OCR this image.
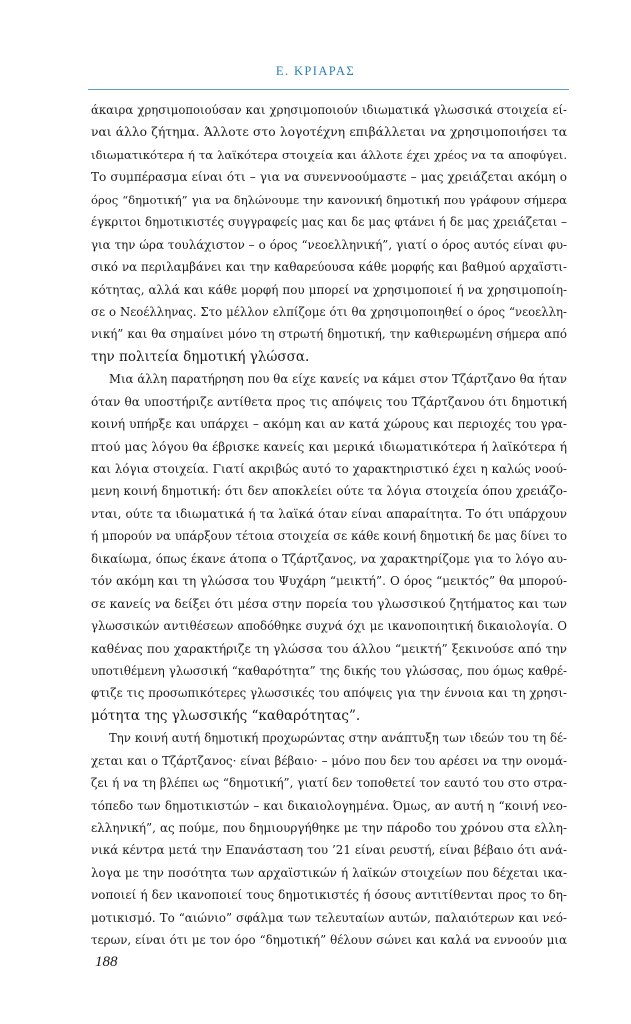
Ε. ΚΡΙΑΡΑΣ
άκαιρα χρησιμοποιούσαν και χρησιμοποιούν ιδιωματικά γλωσσικά στοιχεία εί-
ναι άλλο ζήτημα. Άλλοτε στο λογοτέχνη επιβάλλεται να χρησιμοποιήσει τα
ιδιωματικότερα ή τα λαϊκότερα στοιχεία και άλλοτε έχει χρέος να τα αποφύγει.
Το συμπέρασμα είναι ότι – για να συνεννοούμαστε – μας χρειάζεται ακόμη ο
όρος “δημοτική” για να δηλώνουμε την κανονική δημοτική που γράφουν σήμερα
έγκριτοι δημοτικιστές συγγραφείς μας και δε μας φτάνει ή δε μας χρειάζεται –
για την ώρα τουλάχιστον – ο όρος “νεοελληνική”, γιατί ο όρος αυτός είναι φυ-
σικό να περιλαμβάνει και την καθαρεύουσα κάθε μορφής και βαθμού αρχαϊστι-
κότητας, αλλά και κάθε μορφή που μπορεί να χρησιμοποιεί ή να χρησιμοποίη-
σε ο Νεοέλληνας. Στο μέλλον ελπίζομε ότι θα χρησιμοποιηθεί ο όρος “νεοελλη-
νική” και θα σημαίνει μόνο τη στρωτή δημοτική, την καθιερωμένη σήμερα από
την πολιτεία δημοτική γλώσσα.
Μια άλλη παρατήρηση που θα είχε κανείς να κάμει στον Τζάρτζανο θα ήταν
όταν θα υποστήριζε αντίθετα προς τις απόψεις του Τζάρτζανου ότι δημοτική
κοινή υπήρξε και υπάρχει – ακόμη και αν κατά χώρους και περιοχές του γρα-
πτού μας λόγου θα έβρισκε κανείς και μερικά ιδιωματικότερα ή λαϊκότερα ή
και λόγια στοιχεία. Γιατί ακριβώς αυτό το χαρακτηριστικό έχει η καλώς νοού-
μενη κοινή δημοτική: ότι δεν αποκλείει ούτε τα λόγια στοιχεία όπου χρειάζο-
νται, ούτε τα ιδιωματικά ή τα λαϊκά όταν είναι απαραίτητα. Το ότι υπάρχουν
ή μπορούν να υπάρξουν τέτοια στοιχεία σε κάθε κοινή δημοτική δε μας δίνει το
δικαίωμα, όπως έκανε άτοπα ο Τζάρτζανος, να χαρακτηρίζομε για το λόγο αυ-
τόν ακόμη και τη γλώσσα του Ψυχάρη “μεικτή”. Ο όρος “μεικτός” θα μπορού-
σε κανείς να δείξει ότι μέσα στην πορεία του γλωσσικού ζητήματος και των
γλωσσικών αντιθέσεων αποδόθηκε συχνά όχι με ικανοποιητική δικαιολογία. Ο
καθένας που χαρακτήριζε τη γλώσσα του άλλου “μεικτή” ξεκινούσε από την
υποτιθέμενη γλωσσική “καθαρότητα” της δικής του γλώσσας, που όμως καθρέ-
φτιζε τις προσωπικότερες γλωσσικές του απόψεις για την έννοια και τη χρησι-
μότητα της γλωσσικής “καθαρότητας”.
Την κοινή αυτή δημοτική προχωρώντας στην ανάπτυξη των ιδεών του τη δέ-
χεται και ο Τζάρτζανος· είναι βέβαιο· – μόνο που δεν του αρέσει να την ονομά-
ζει ή να τη βλέπει ως “δημοτική”, γιατί δεν τοποθετεί τον εαυτό του στο στρα-
τόπεδο των δημοτικιστών – και δικαιολογημένα. Όμως, αν αυτή η “κοινή νεο-
ελληνική”, ας πούμε, που δημιουργήθηκε με την πάροδο του χρόνου στα ελλη-
νικά κέντρα μετά την Επανάσταση του ’21 είναι ρευστή, είναι βέβαιο ότι ανά-
λογα με την ποσότητα των αρχαϊστικών ή λαϊκών στοιχείων που δέχεται ικα-
νοποιεί ή δεν ικανοποιεί τους δημοτικιστές ή όσους αντιτίθενται προς το δη-
μοτικισμό. Το “αιώνιο” σφάλμα των τελευταίων αυτών, παλαιότερων και νεό-
τερων, είναι ότι με τον όρο “δημοτική” θέλουν σώνει και καλά να εννοούν μια
188
